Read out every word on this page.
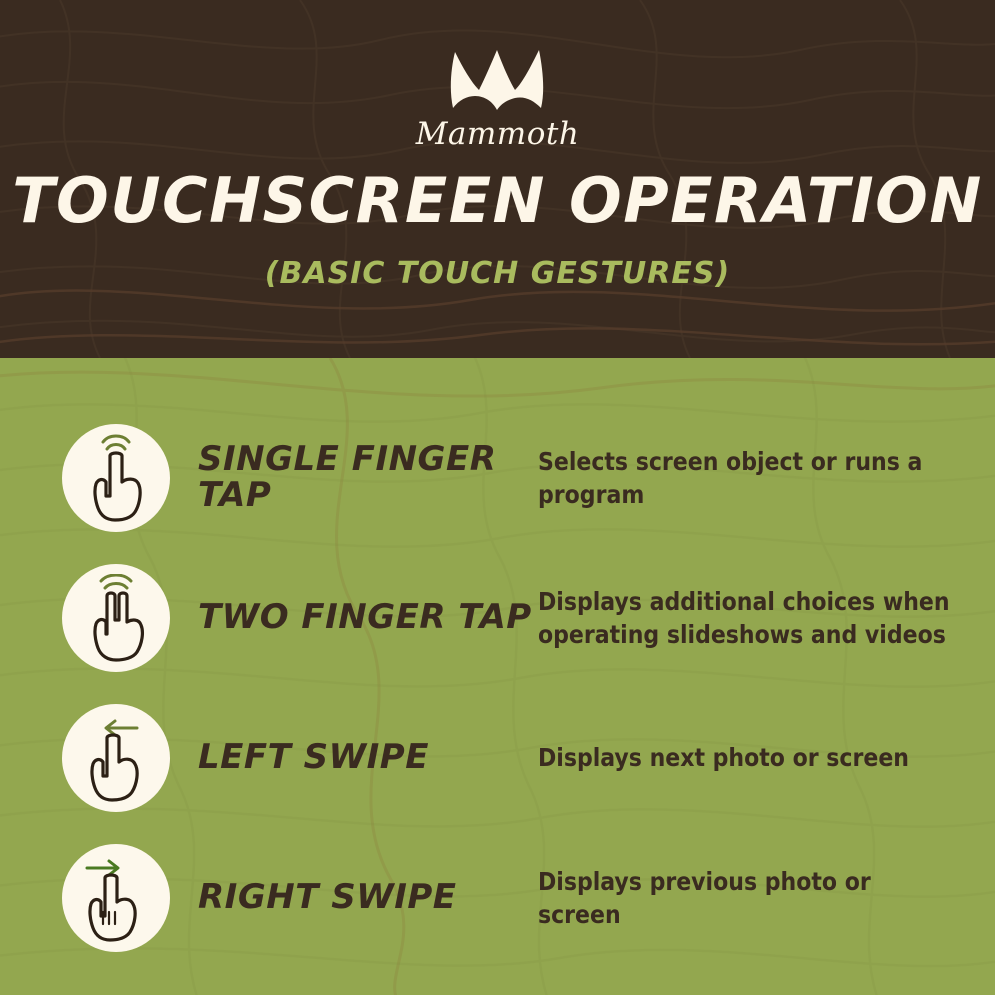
Mammoth
TOUCHSCREEN OPERATION
(BASIC TOUCH GESTURES)
SINGLE FINGER TAP
Selects screen object or runs a program
TWO FINGER TAP Displays additional choices when operating slideshows and videos
LEFT SWIPE	Displays next photo or screen
RIGHT SWIPE	Displays previous photo or screen
